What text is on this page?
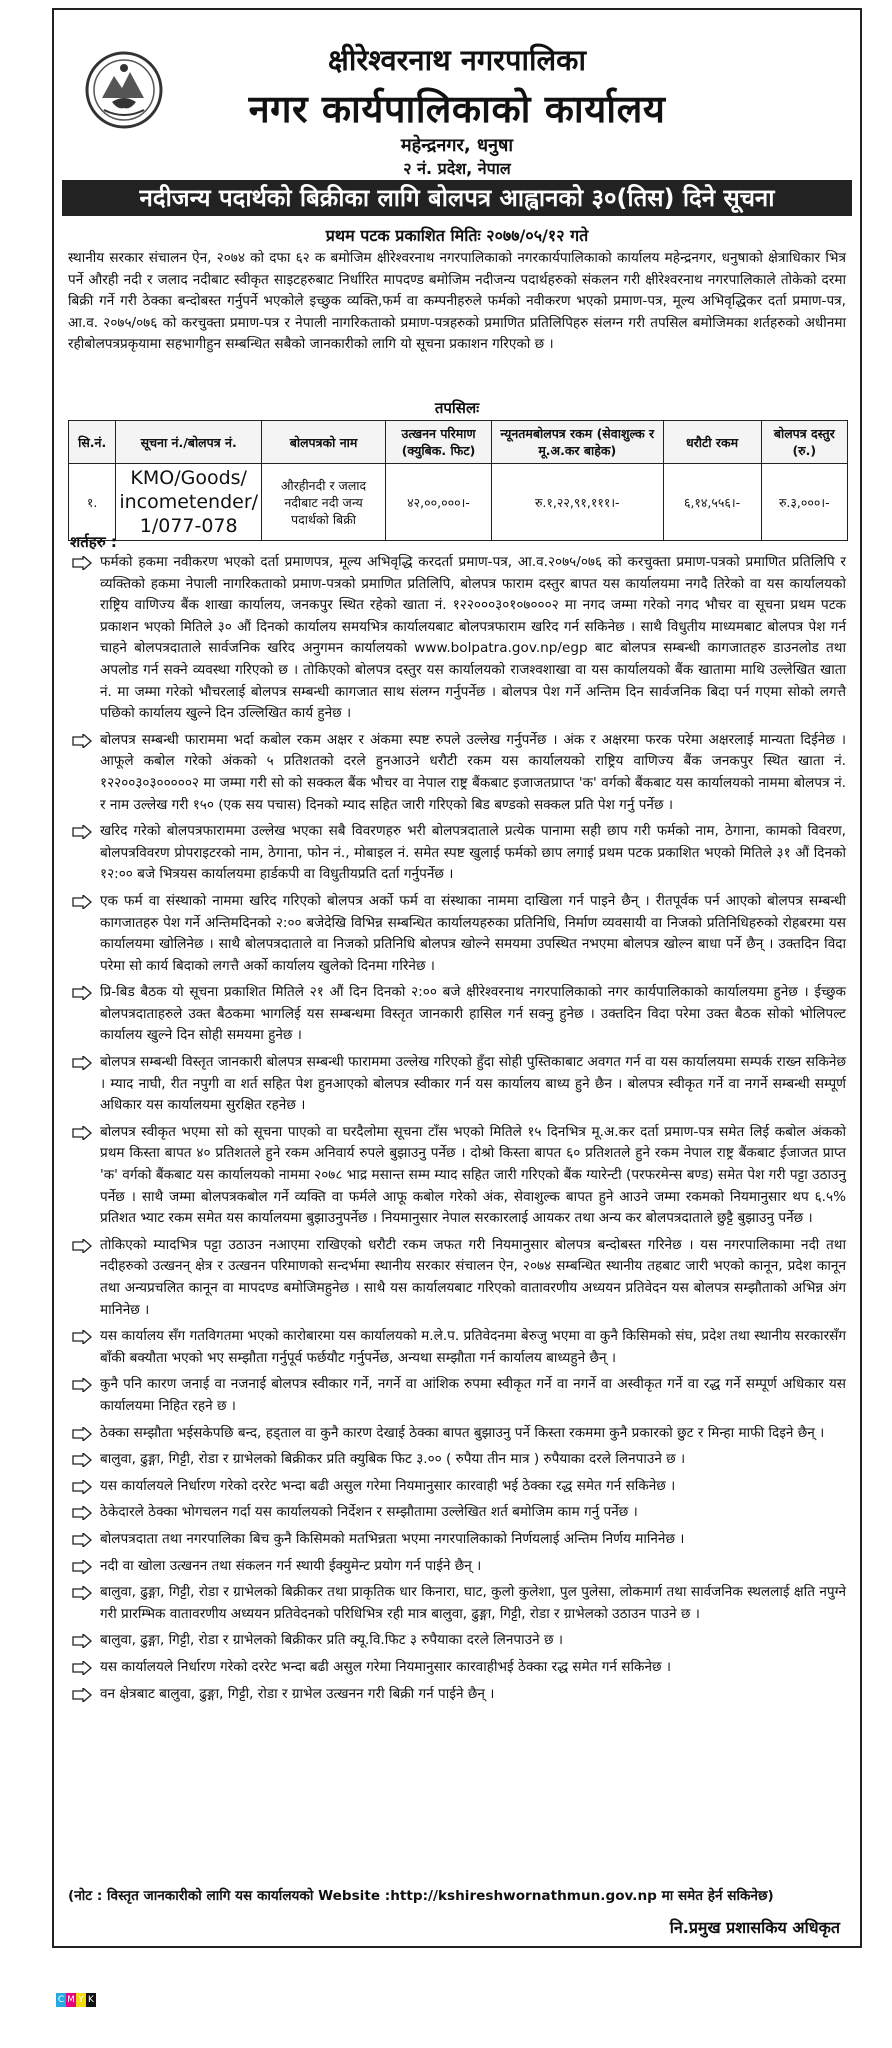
क्षीरेश्वरनाथ नगरपालिका
नगर कार्यपालिकाको कार्यालय
महेन्द्रनगर, धनुषा
२ नं. प्रदेश, नेपाल
नदीजन्य पदार्थको बिक्रीका लागि बोलपत्र आह्वानको ३०(तिस) दिने सूचना
प्रथम पटक प्रकाशित मितिः २०७७/०५/१२ गते
स्थानीय सरकार संचालन ऐन, २०७४ को दफा ६२ क बमोजिम क्षीरेश्वरनाथ नगरपालिकाको नगरकार्यपालिकाको कार्यालय महेन्द्रनगर, धनुषाको क्षेत्राधिकार भित्र पर्ने औरही नदी र जलाद नदीबाट स्वीकृत साइटहरुबाट निर्धारित मापदण्ड बमोजिम नदीजन्य पदार्थहरुको संकलन गरी क्षीरेश्वरनाथ नगरपालिकाले तोकेको दरमा बिक्री गर्ने गरी ठेक्का बन्दोबस्त गर्नुपर्ने भएकोले इच्छुक व्यक्ति,फर्म वा कम्पनीहरुले फर्मको नवीकरण भएको प्रमाण-पत्र, मूल्य अभिवृद्धिकर दर्ता प्रमाण-पत्र, आ.व. २०७५/०७६ को करचुक्ता प्रमाण-पत्र र नेपाली नागरिकताको प्रमाण-पत्रहरुको प्रमाणित प्रतिलिपिहरु संलग्न गरी तपसिल बमोजिमका शर्तहरुको अधीनमा रहीबोलपत्रप्रकृयामा सहभागीहुन सम्बन्धित सबैको जानकारीको लागि यो सूचना प्रकाशन गरिएको छ ।
तपसिलः
सि.नं.	सूचना नं./बोलपत्र नं.	बोलपत्रको नाम	उत्खनन परिमाण (क्युबिक. फिट)	न्यूनतमबोलपत्र रकम (सेवाशुल्क र मू.अ.कर बाहेक)	धरौटी रकम	बोलपत्र दस्तुर (रु.)
१.	KMO/Goods/ incometender/ 1/077-078	औरहीनदी र जलाद नदीबाट नदी जन्य पदार्थको बिक्री	४२,००,०००।-	रु.१,२२,९१,१११।-	६,१४,५५६।-	रु.३,०००।-
शर्तहरु :
फर्मको हकमा नवीकरण भएको दर्ता प्रमाणपत्र, मूल्य अभिवृद्धि करदर्ता प्रमाण-पत्र, आ.व.२०७५/०७६ को करचुक्ता प्रमाण-पत्रको प्रमाणित प्रतिलिपि र व्यक्तिको हकमा नेपाली नागरिकताको प्रमाण-पत्रको प्रमाणित प्रतिलिपि, बोलपत्र फाराम दस्तुर बापत यस कार्यालयमा नगदै तिरेको वा यस कार्यालयको राष्ट्रिय वाणिज्य बैंक शाखा कार्यालय, जनकपुर स्थित रहेको खाता नं. १२२०००३०१०७०००२ मा नगद जम्मा गरेको नगद भौचर वा सूचना प्रथम पटक प्रकाशन भएको मितिले ३० औं दिनको कार्यालय समयभित्र कार्यालयबाट बोलपत्रफाराम खरिद गर्न सकिनेछ । साथै विधुतीय माध्यमबाट बोलपत्र पेश गर्न चाहने बोलपत्रदाताले सार्वजनिक खरिद अनुगमन कार्यालयको www.bolpatra.gov.np/egp बाट बोलपत्र सम्बन्धी कागजातहरु डाउनलोड तथा अपलोड गर्न सक्ने व्यवस्था गरिएको छ । तोकिएको बोलपत्र दस्तुर यस कार्यालयको राजश्वशाखा वा यस कार्यालयको बैंक खातामा माथि उल्लेखित खाता नं. मा जम्मा गरेको भौचरलाई बोलपत्र सम्बन्धी कागजात साथ संलग्न गर्नुपर्नेछ । बोलपत्र पेश गर्ने अन्तिम दिन सार्वजनिक बिदा पर्न गएमा सोको लगत्तै पछिको कार्यालय खुल्ने दिन उल्लिखित कार्य हुनेछ ।
बोलपत्र सम्बन्धी फाराममा भर्दा कबोल रकम अक्षर र अंकमा स्पष्ट रुपले उल्लेख गर्नुपर्नेछ । अंक र अक्षरमा फरक परेमा अक्षरलाई मान्यता दिईनेछ । आफूले कबोल गरेको अंकको ५ प्रतिशतको दरले हुनआउने धरौटी रकम यस कार्यालयको राष्ट्रिय वाणिज्य बैंक जनकपुर स्थित खाता नं. १२२००३०३०००००२ मा जम्मा गरी सो को सक्कल बैंक भौचर वा नेपाल राष्ट्र बैंकबाट इजाजतप्राप्त 'क' वर्गको बैंकबाट यस कार्यालयको नाममा बोलपत्र नं. र नाम उल्लेख गरी १५० (एक सय पचास) दिनको म्याद सहित जारी गरिएको बिड बण्डको सक्कल प्रति पेश गर्नु पर्नेछ ।
खरिद गरेको बोलपत्रफाराममा उल्लेख भएका सबै विवरणहरु भरी बोलपत्रदाताले प्रत्येक पानामा सही छाप गरी फर्मको नाम, ठेगाना, कामको विवरण, बोलपत्रविवरण प्रोपराइटरको नाम, ठेगाना, फोन नं., मोबाइल नं. समेत स्पष्ट खुलाई फर्मको छाप लगाई प्रथम पटक प्रकाशित भएको मितिले ३१ औं दिनको १२:०० बजे भित्रयस कार्यालयमा हार्डकपी वा विधुतीयप्रति दर्ता गर्नुपर्नेछ ।
एक फर्म वा संस्थाको नाममा खरिद गरिएको बोलपत्र अर्को फर्म वा संस्थाका नाममा दाखिला गर्न पाइने छैन् । रीतपूर्वक पर्न आएको बोलपत्र सम्बन्धी कागजातहरु पेश गर्ने अन्तिमदिनको २:०० बजेदेखि विभिन्न सम्बन्धित कार्यालयहरुका प्रतिनिधि, निर्माण व्यवसायी वा निजको प्रतिनिधिहरुको रोहबरमा यस कार्यालयमा खोलिनेछ । साथै बोलपत्रदाताले वा निजको प्रतिनिधि बोलपत्र खोल्ने समयमा उपस्थित नभएमा बोलपत्र खोल्न बाधा पर्ने छैन् । उक्तदिन विदा परेमा सो कार्य बिदाको लगत्तै अर्को कार्यालय खुलेको दिनमा गरिनेछ ।
प्रि-बिड बैठक यो सूचना प्रकाशित मितिले २१ औं दिन दिनको २:०० बजे क्षीरेश्वरनाथ नगरपालिकाको नगर कार्यपालिकाको कार्यालयमा हुनेछ । ईच्छुक बोलपत्रदाताहरुले उक्त बैठकमा भागलिई यस सम्बन्धमा विस्तृत जानकारी हासिल गर्न सक्नु हुनेछ । उक्तदिन विदा परेमा उक्त बैठक सोको भोलिपल्ट कार्यालय खुल्ने दिन सोही समयमा हुनेछ ।
बोलपत्र सम्बन्धी विस्तृत जानकारी बोलपत्र सम्बन्धी फाराममा उल्लेख गरिएको हुँदा सोही पुस्तिकाबाट अवगत गर्न वा यस कार्यालयमा सम्पर्क राख्न सकिनेछ । म्याद नाघी, रीत नपुगी वा शर्त सहित पेश हुनआएको बोलपत्र स्वीकार गर्न यस कार्यालय बाध्य हुने छैन । बोलपत्र स्वीकृत गर्ने वा नगर्ने सम्बन्धी सम्पूर्ण अधिकार यस कार्यालयमा सुरक्षित रहनेछ ।
बोलपत्र स्वीकृत भएमा सो को सूचना पाएको वा घरदैलोमा सूचना टाँस भएको मितिले १५ दिनभित्र मू.अ.कर दर्ता प्रमाण-पत्र समेत लिई कबोल अंकको प्रथम किस्ता बापत ४० प्रतिशतले हुने रकम अनिवार्य रुपले बुझाउनु पर्नेछ । दोश्रो किस्ता बापत ६० प्रतिशतले हुने रकम नेपाल राष्ट्र बैंकबाट ईजाजत प्राप्त 'क' वर्गको बैंकबाट यस कार्यालयको नाममा २०७८ भाद्र मसान्त सम्म म्याद सहित जारी गरिएको बैंक ग्यारेन्टी (परफरमेन्स बण्ड) समेत पेश गरी पट्टा उठाउनु पर्नेछ । साथै जम्मा बोलपत्रकबोल गर्ने व्यक्ति वा फर्मले आफू कबोल गरेको अंक, सेवाशुल्क बापत हुने आउने जम्मा रकमको नियमानुसार थप ६.५% प्रतिशत भ्याट रकम समेत यस कार्यालयमा बुझाउनुपर्नेछ । नियमानुसार नेपाल सरकारलाई आयकर तथा अन्य कर बोलपत्रदाताले छुट्टै बुझाउनु पर्नेछ ।
तोकिएको म्यादभित्र पट्टा उठाउन नआएमा राखिएको धरौटी रकम जफत गरी नियमानुसार बोलपत्र बन्दोबस्त गरिनेछ । यस नगरपालिकामा नदी तथा नदीहरुको उत्खनन् क्षेत्र र उत्खनन परिमाणको सन्दर्भमा स्थानीय सरकार संचालन ऐन, २०७४ सम्बन्धित स्थानीय तहबाट जारी भएको कानून, प्रदेश कानून तथा अन्यप्रचलित कानून वा मापदण्ड बमोजिमहुनेछ । साथै यस कार्यालयबाट गरिएको वातावरणीय अध्ययन प्रतिवेदन यस बोलपत्र सम्झौताको अभिन्न अंग मानिनेछ ।
यस कार्यालय सँग गतविगतमा भएको कारोबारमा यस कार्यालयको म.ले.प. प्रतिवेदनमा बेरुजु भएमा वा कुनै किसिमको संघ, प्रदेश तथा स्थानीय सरकारसँग बाँकी बक्यौता भएको भए सम्झौता गर्नुपूर्व फर्छयौट गर्नुपर्नेछ, अन्यथा सम्झौता गर्न कार्यालय बाध्यहुने छैन् ।
कुनै पनि कारण जनाई वा नजनाई बोलपत्र स्वीकार गर्ने, नगर्ने वा आंशिक रुपमा स्वीकृत गर्ने वा नगर्ने वा अस्वीकृत गर्ने वा रद्ध गर्ने सम्पूर्ण अधिकार यस कार्यालयमा निहित रहने छ ।
ठेक्का सम्झौता भईसकेपछि बन्द, हड्ताल वा कुनै कारण देखाई ठेक्का बापत बुझाउनु पर्ने किस्ता रकममा कुनै प्रकारको छुट र मिन्हा माफी दिइने छैन् ।
बालुवा, ढुङ्गा, गिट्टी, रोडा र ग्राभेलको बिक्रीकर प्रति क्युबिक फिट ३.०० ( रुपैया तीन मात्र ) रुपैयाका दरले लिनपाउने छ ।
यस कार्यालयले निर्धारण गरेको दररेट भन्दा बढी असुल गरेमा नियमानुसार कारवाही भई ठेक्का रद्ध समेत गर्न सकिनेछ ।
ठेकेदारले ठेक्का भोगचलन गर्दा यस कार्यालयको निर्देशन र सम्झौतामा उल्लेखित शर्त बमोजिम काम गर्नु पर्नेछ ।
बोलपत्रदाता तथा नगरपालिका बिच कुनै किसिमको मतभिन्नता भएमा नगरपालिकाको निर्णयलाई अन्तिम निर्णय मानिनेछ ।
नदी वा खोला उत्खनन तथा संकलन गर्न स्थायी ईक्युमेन्ट प्रयोग गर्न पाईने छैन् ।
बालुवा, ढुङ्गा, गिट्टी, रोडा र ग्राभेलको बिक्रीकर तथा प्राकृतिक धार किनारा, घाट, कुलो कुलेशा, पुल पुलेसा, लोकमार्ग तथा सार्वजनिक स्थललाई क्षति नपुग्ने गरी प्रारम्भिक वातावरणीय अध्ययन प्रतिवेदनको परिधिभित्र रही मात्र बालुवा, ढुङ्गा, गिट्टी, रोडा र ग्राभेलको उठाउन पाउने छ ।
बालुवा, ढुङ्गा, गिट्टी, रोडा र ग्राभेलको बिक्रीकर प्रति क्यू.वि.फिट ३ रुपैयाका दरले लिनपाउने छ ।
यस कार्यालयले निर्धारण गरेको दररेट भन्दा बढी असुल गरेमा नियमानुसार कारवाहीभई ठेक्का रद्ध समेत गर्न सकिनेछ ।
वन क्षेत्रबाट बालुवा, ढुङ्गा, गिट्टी, रोडा र ग्राभेल उत्खनन गरी बिक्री गर्न पाईने छैन् ।
(नोट : विस्तृत जानकारीको लागि यस कार्यालयको Website :http://kshireshwornathmun.gov.np मा समेत हेर्न सकिनेछ)
नि.प्रमुख प्रशासकिय अधिकृत
C M Y K
